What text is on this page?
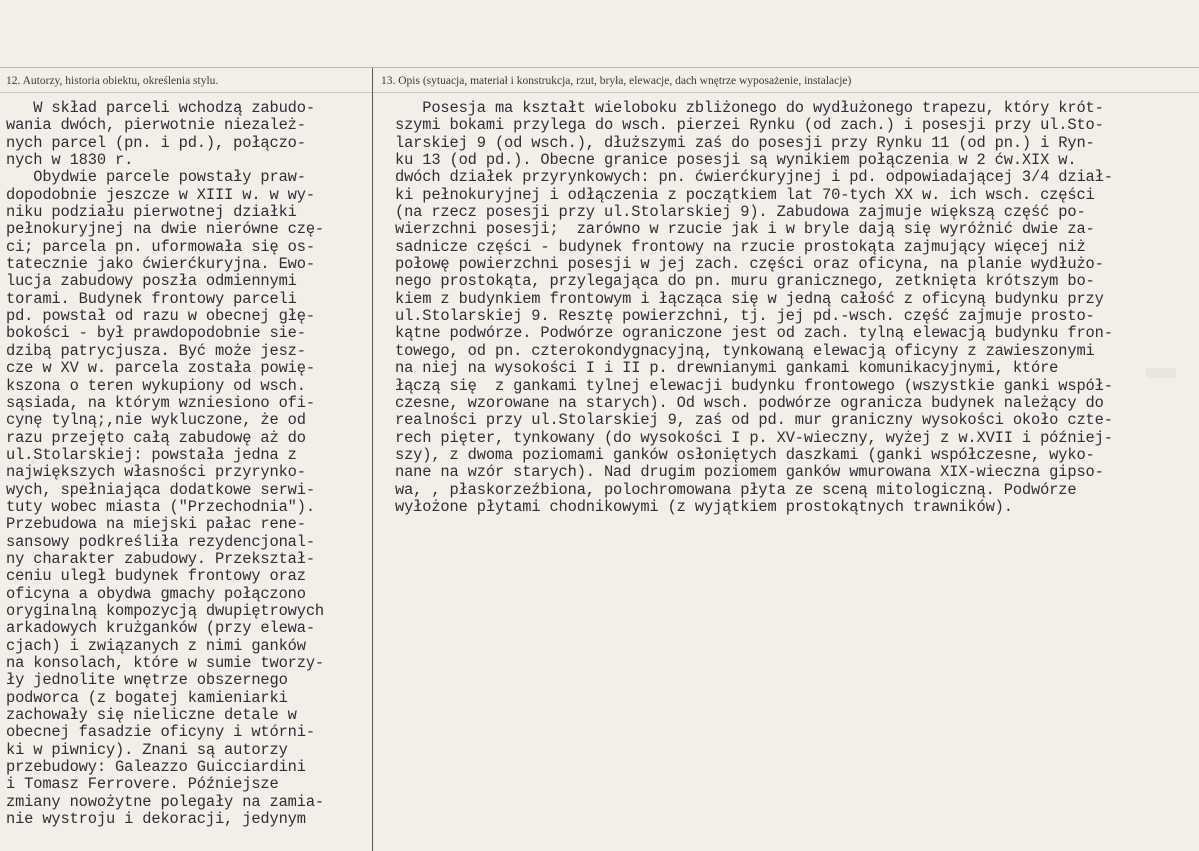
12. Autorzy, historia obiektu, określenia stylu.	13. Opis (sytuacja, materiał i konstrukcja, rzut, bryła, elewacje, dach wnętrze wyposażenie, instalacje)
W skład parceli wchodzą zabudo-
wania dwóch, pierwotnie niezależ-
nych parcel (pn. i pd.), połączo-
nych w 1830 r.
Obydwie parcele powstały praw-
dopodobnie jeszcze w XIII w. w wy-
niku podziału pierwotnej działki
pełnokuryjnej na dwie nierówne czę-
ci; parcela pn. uformowała się os-
tatecznie jako ćwierćkuryjna. Ewo-
lucja zabudowy poszła odmiennymi
torami. Budynek frontowy parceli
pd. powstał od razu w obecnej głę-
bokości - był prawdopodobnie sie-
dzibą patrycjusza. Być może jesz-
cze w XV w. parcela została powię-
kszona o teren wykupiony od wsch.
sąsiada, na którym wzniesiono ofi-
cynę tylną;,nie wykluczone, że od
razu przejęto całą zabudowę aż do
ul.Stolarskiej: powstała jedna z
największych własności przyrynko-
wych, spełniająca dodatkowe serwi-
tuty wobec miasta ("Przechodnia").
Przebudowa na miejski pałac rene-
sansowy podkreśliła rezydencjonal-
ny charakter zabudowy. Przekształ-
ceniu uległ budynek frontowy oraz
oficyna a obydwa gmachy połączono
oryginalną kompozycją dwupiętrowych
arkadowych krużganków (przy elewa-
cjach) i związanych z nimi ganków
na konsolach, które w sumie tworzy-
ły jednolite wnętrze obszernego
podworca (z bogatej kamieniarki
zachowały się nieliczne detale w
obecnej fasadzie oficyny i wtórni-
ki w piwnicy). Znani są autorzy
przebudowy: Galeazzo Guicciardini
i Tomasz Ferrovere. Późniejsze
zmiany nowożytne polegały na zamia-
nie wystroju i dekoracji, jedynym
Posesja ma kształt wieloboku zbliżonego do wydłużonego trapezu, który krót-
szymi bokami przylega do wsch. pierzei Rynku (od zach.) i posesji przy ul.Sto-
larskiej 9 (od wsch.), dłuższymi zaś do posesji przy Rynku 11 (od pn.) i Ryn-
ku 13 (od pd.). Obecne granice posesji są wynikiem połączenia w 2 ćw.XIX w.
dwóch działek przyrynkowych: pn. ćwierćkuryjnej i pd. odpowiadającej 3/4 dział-
ki pełnokuryjnej i odłączenia z początkiem lat 70-tych XX w. ich wsch. części
(na rzecz posesji przy ul.Stolarskiej 9). Zabudowa zajmuje większą część po-
wierzchni posesji;  zarówno w rzucie jak i w bryle dają się wyróżnić dwie za-
sadnicze części - budynek frontowy na rzucie prostokąta zajmujący więcej niż
połowę powierzchni posesji w jej zach. części oraz oficyna, na planie wydłużo-
nego prostokąta, przylegająca do pn. muru granicznego, zetknięta krótszym bo-
kiem z budynkiem frontowym i łącząca się w jedną całość z oficyną budynku przy
ul.Stolarskiej 9. Resztę powierzchni, tj. jej pd.-wsch. część zajmuje prosto-
kątne podwórze. Podwórze ograniczone jest od zach. tylną elewacją budynku fron-
towego, od pn. czterokondygnacyjną, tynkowaną elewacją oficyny z zawieszonymi
na niej na wysokości I i II p. drewnianymi gankami komunikacyjnymi, które
łączą się  z gankami tylnej elewacji budynku frontowego (wszystkie ganki współ-
czesne, wzorowane na starych). Od wsch. podwórze ogranicza budynek należący do
realności przy ul.Stolarskiej 9, zaś od pd. mur graniczny wysokości około czte-
rech pięter, tynkowany (do wysokości I p. XV-wieczny, wyżej z w.XVII i później-
szy), z dwoma poziomami ganków osłoniętych daszkami (ganki współczesne, wyko-
nane na wzór starych). Nad drugim poziomem ganków wmurowana XIX-wieczna gipso-
wa, , płaskorzeźbiona, polochromowana płyta ze sceną mitologiczną. Podwórze
wyłożone płytami chodnikowymi (z wyjątkiem prostokątnych trawników).
